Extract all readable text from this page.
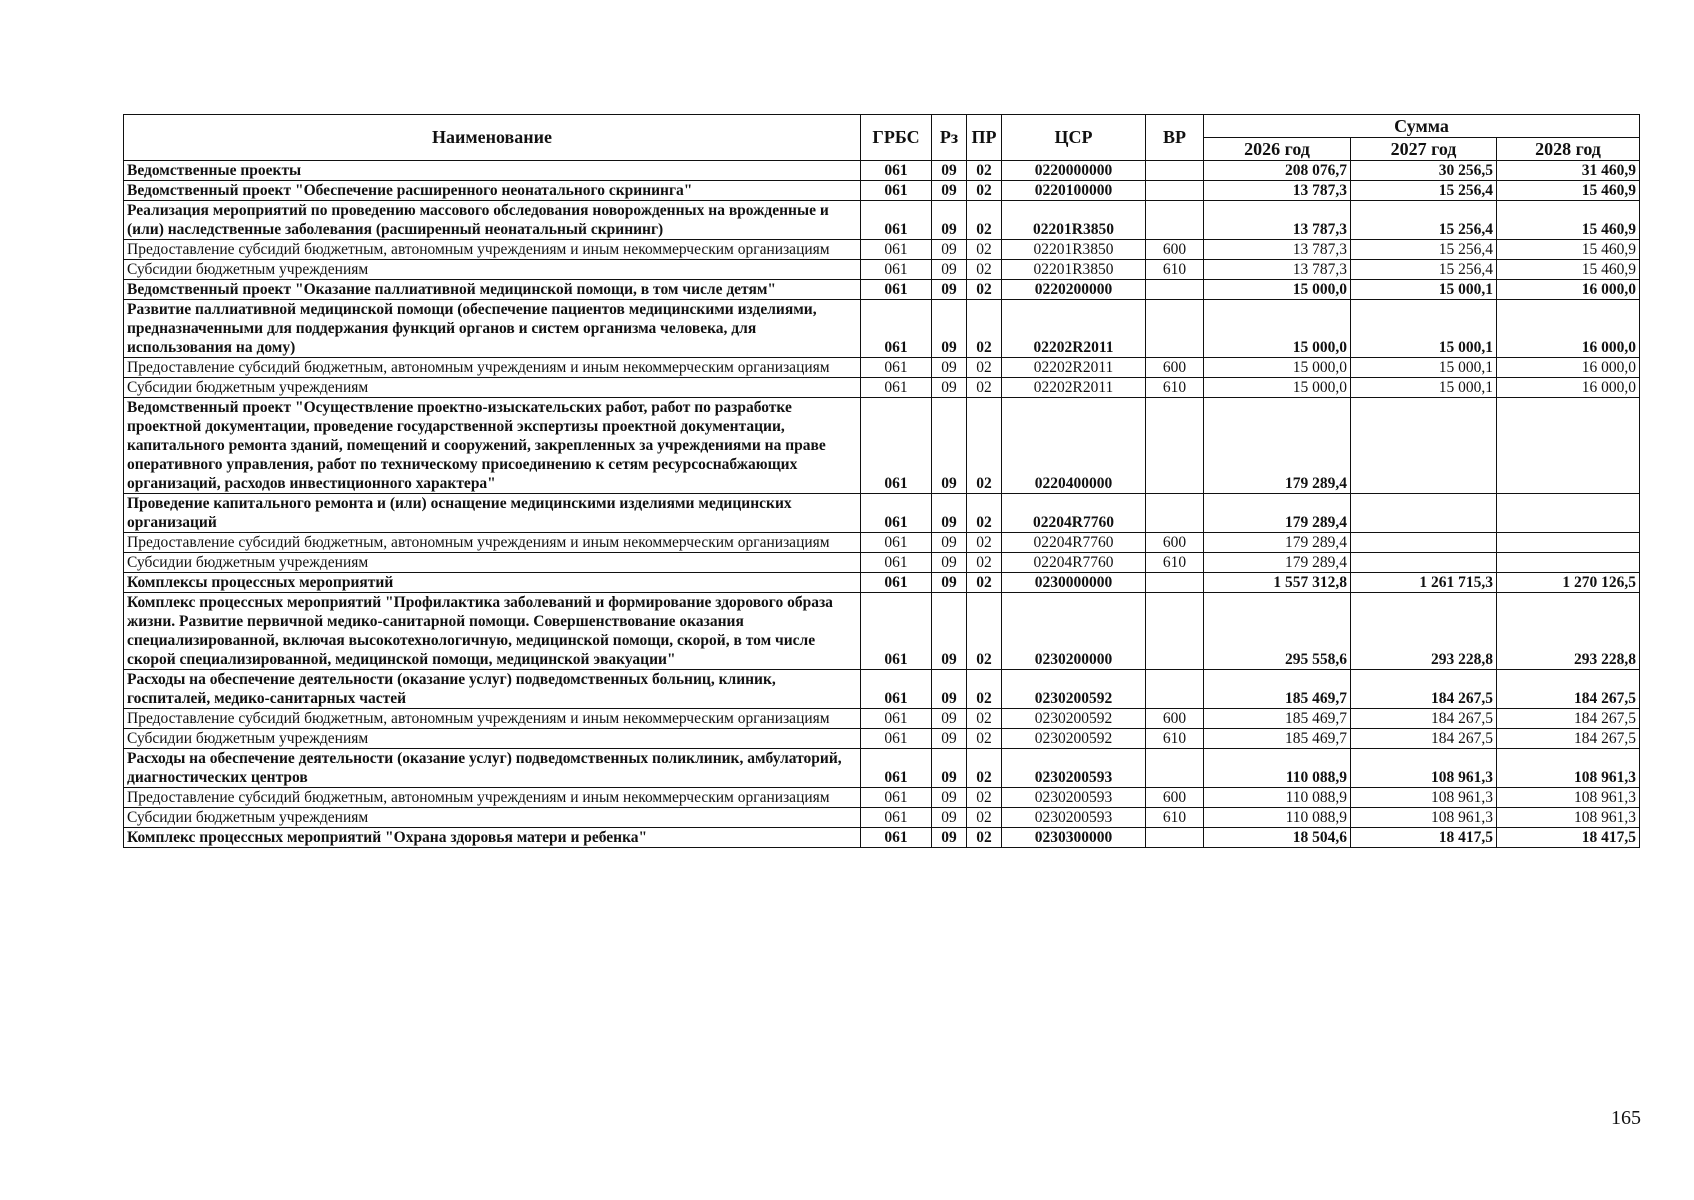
Наименование	ГРБС	Рз	ПР	ЦСР	ВР	Сумма		
						2026 год	2027 год	2028 год
Ведомственные проекты	061	09	02	0220000000		208 076,7	30 256,5	31 460,9
Ведомственный проект "Обеспечение расширенного неонатального скрининга"	061	09	02	0220100000		13 787,3	15 256,4	15 460,9
Реализация мероприятий по проведению массового обследования новорожденных на врожденные и (или) наследственные заболевания (расширенный неонатальный скрининг)	061	09	02	02201R3850		13 787,3	15 256,4	15 460,9
Предоставление субсидий бюджетным, автономным учреждениям и иным некоммерческим организациям	061	09	02	02201R3850	600	13 787,3	15 256,4	15 460,9
Субсидии бюджетным учреждениям	061	09	02	02201R3850	610	13 787,3	15 256,4	15 460,9
Ведомственный проект "Оказание паллиативной медицинской помощи, в том числе детям"	061	09	02	0220200000		15 000,0	15 000,1	16 000,0
Развитие паллиативной медицинской помощи (обеспечение пациентов медицинскими изделиями, предназначенными для поддержания функций органов и систем организма человека, для использования на дому)	061	09	02	02202R2011		15 000,0	15 000,1	16 000,0
Предоставление субсидий бюджетным, автономным учреждениям и иным некоммерческим организациям	061	09	02	02202R2011	600	15 000,0	15 000,1	16 000,0
Субсидии бюджетным учреждениям	061	09	02	02202R2011	610	15 000,0	15 000,1	16 000,0
Ведомственный проект "Осуществление проектно-изыскательских работ, работ по разработке проектной документации, проведение государственной экспертизы проектной документации, капитального ремонта зданий, помещений и сооружений, закрепленных за учреждениями на праве оперативного управления, работ по техническому присоединению к сетям ресурсоснабжающих организаций, расходов инвестиционного характера"	061	09	02	0220400000		179 289,4		
Проведение капитального ремонта и (или) оснащение медицинскими изделиями медицинских организаций	061	09	02	02204R7760		179 289,4		
Предоставление субсидий бюджетным, автономным учреждениям и иным некоммерческим организациям	061	09	02	02204R7760	600	179 289,4		
Субсидии бюджетным учреждениям	061	09	02	02204R7760	610	179 289,4		
Комплексы процессных мероприятий	061	09	02	0230000000		1 557 312,8	1 261 715,3	1 270 126,5
Комплекс процессных мероприятий "Профилактика заболеваний и формирование здорового образа жизни. Развитие первичной медико-санитарной помощи. Совершенствование оказания специализированной, включая высокотехнологичную, медицинской помощи, скорой, в том числе скорой специализированной, медицинской помощи, медицинской эвакуации"	061	09	02	0230200000		295 558,6	293 228,8	293 228,8
Расходы на обеспечение деятельности (оказание услуг) подведомственных больниц, клиник, госпиталей, медико-санитарных частей	061	09	02	0230200592		185 469,7	184 267,5	184 267,5
Предоставление субсидий бюджетным, автономным учреждениям и иным некоммерческим организациям	061	09	02	0230200592	600	185 469,7	184 267,5	184 267,5
Субсидии бюджетным учреждениям	061	09	02	0230200592	610	185 469,7	184 267,5	184 267,5
Расходы на обеспечение деятельности (оказание услуг) подведомственных поликлиник, амбулаторий, диагностических центров	061	09	02	0230200593		110 088,9	108 961,3	108 961,3
Предоставление субсидий бюджетным, автономным учреждениям и иным некоммерческим организациям	061	09	02	0230200593	600	110 088,9	108 961,3	108 961,3
Субсидии бюджетным учреждениям	061	09	02	0230200593	610	110 088,9	108 961,3	108 961,3
Комплекс процессных мероприятий "Охрана здоровья матери и ребенка"	061	09	02	0230300000		18 504,6	18 417,5	18 417,5
165
